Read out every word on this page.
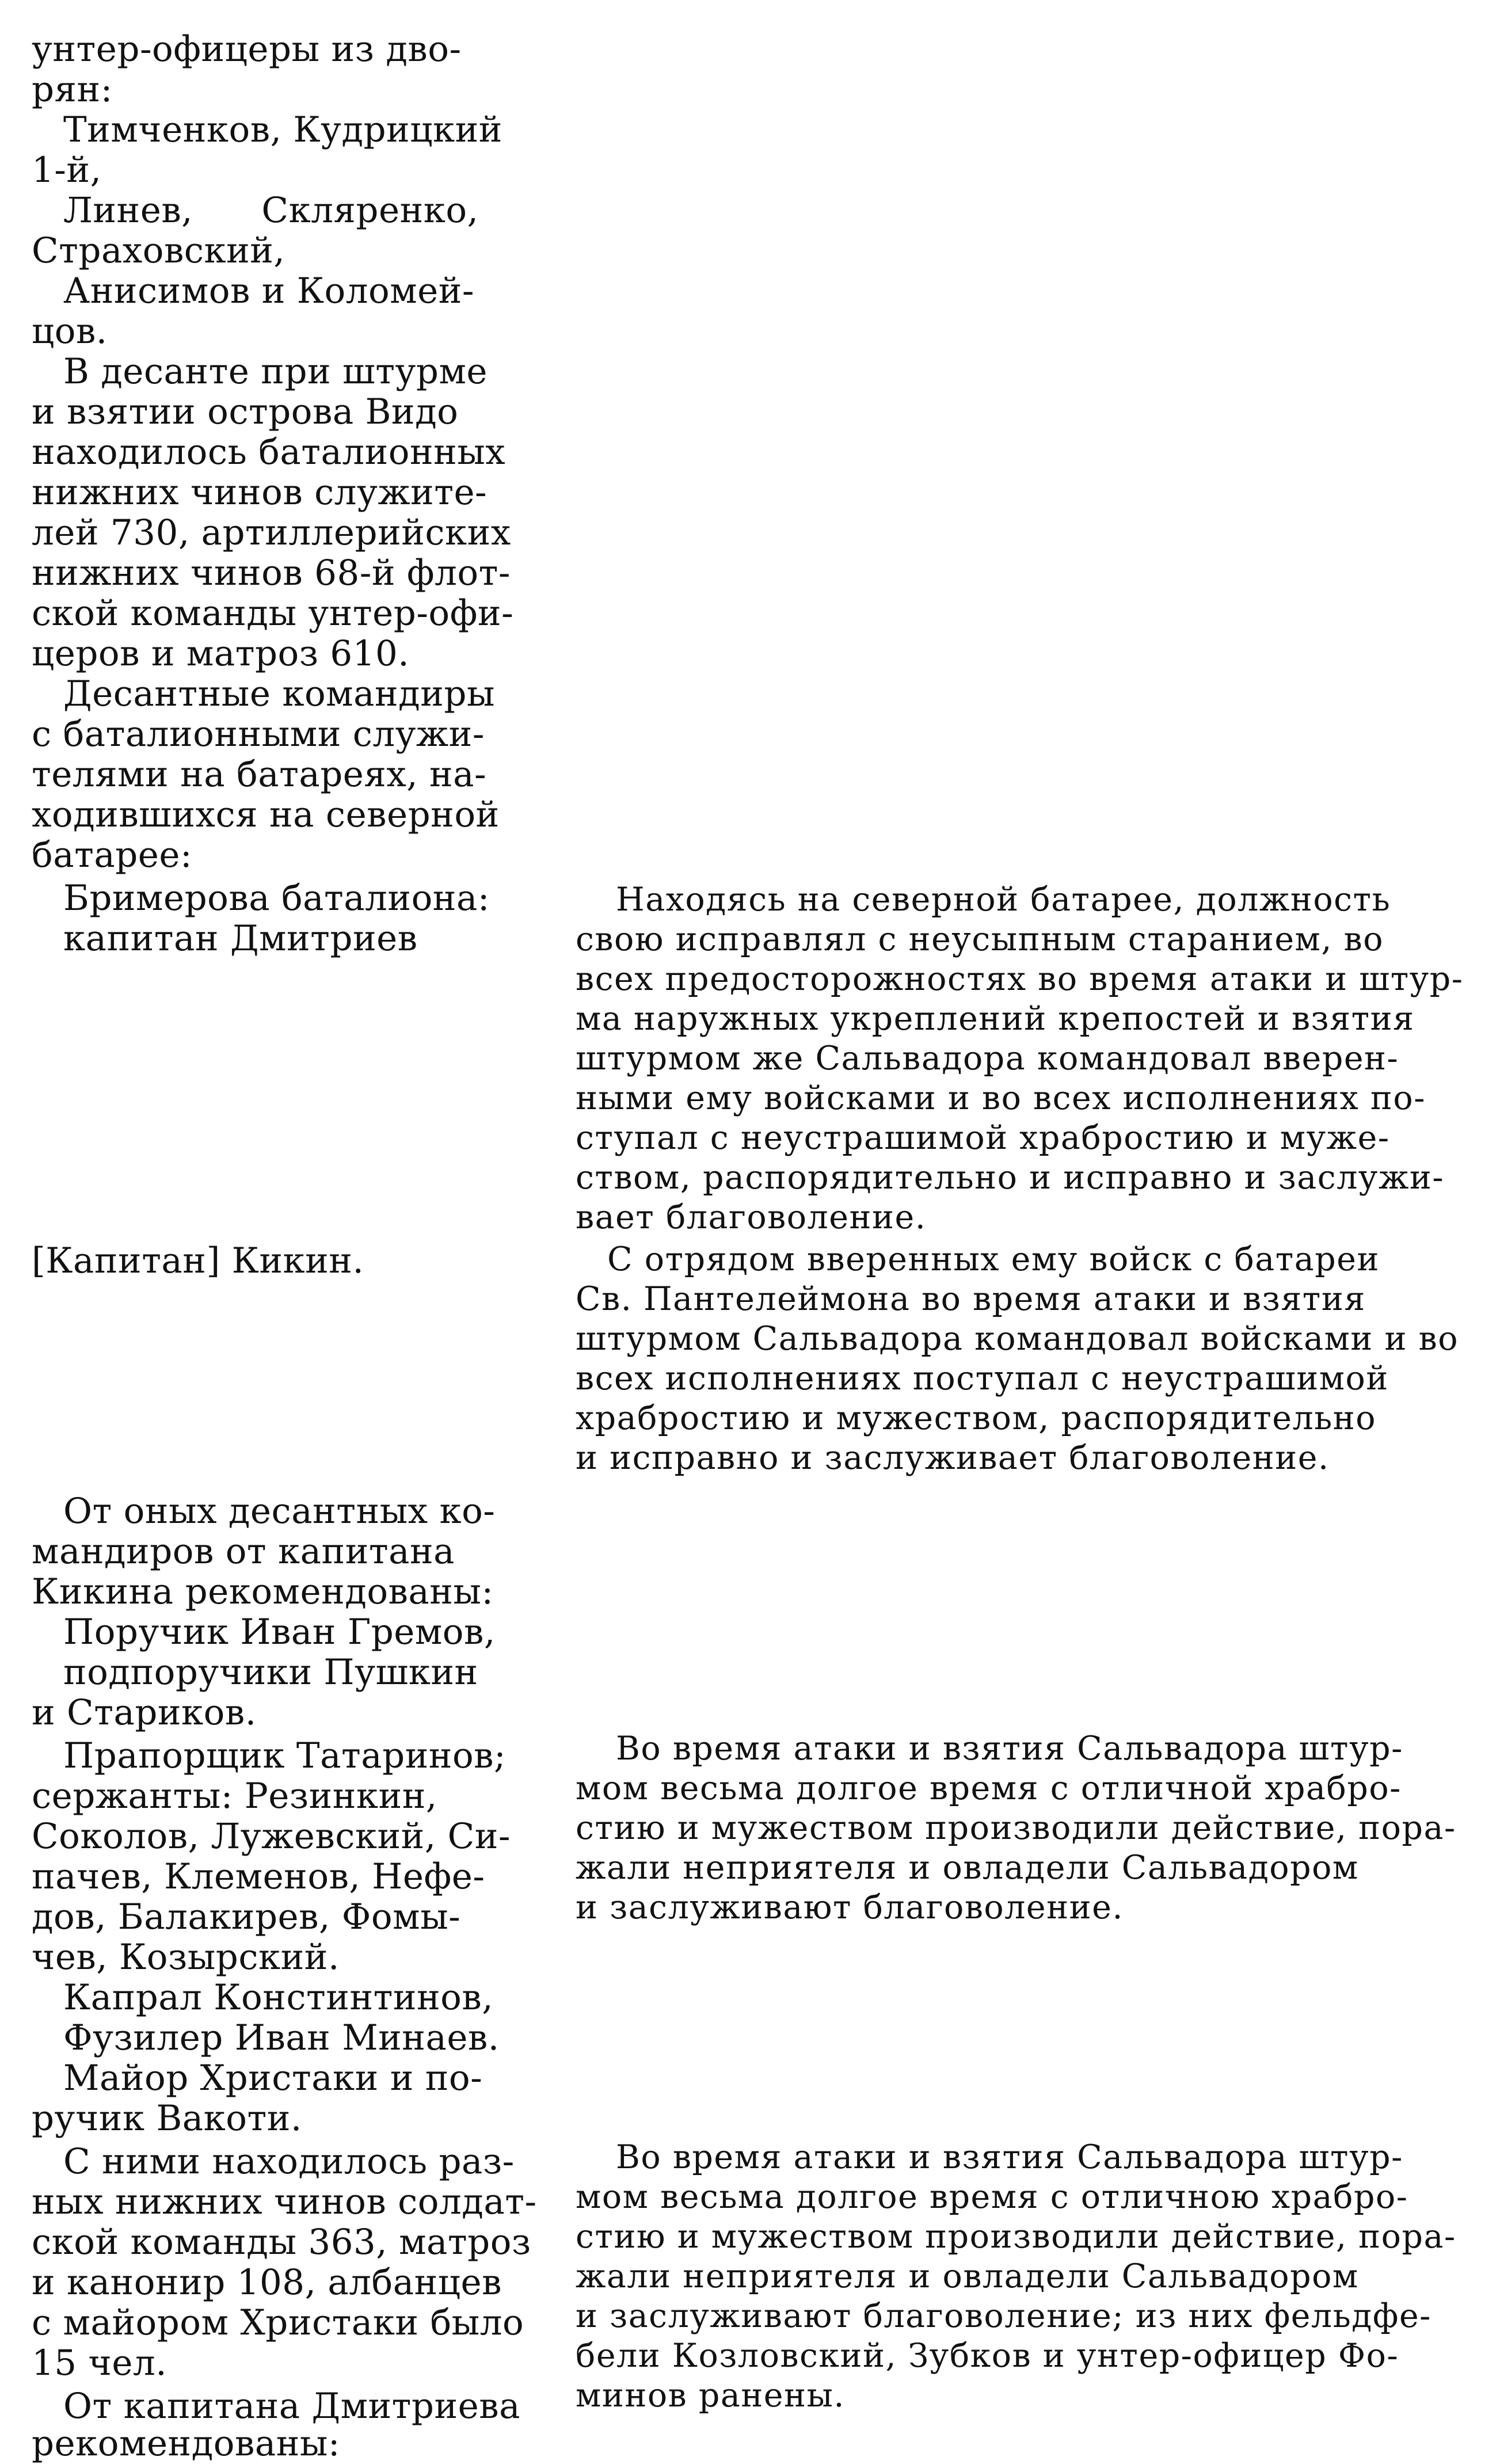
унтер-офицеры из дво-
рян:
Тимченков, Кудрицкий
1-й,
Линев,      Скляренко,
Страховский,
Анисимов и Коломей-
цов.
В десанте при штурме
и взятии острова Видо
находилось баталионных
нижних чинов служите-
лей 730, артиллерийских
нижних чинов 68-й флот-
ской команды унтер-офи-
церов и матроз 610.
Десантные командиры
с баталионными служи-
телями на батареях, на-
ходившихся на северной
батарее:
Бримерова баталиона:
капитан Дмитриев
[Капитан] Кикин.
От оных десантных ко-
мандиров от капитана
Кикина рекомендованы:
Поручик Иван Гремов,
подпоручики Пушкин
и Стариков.
Прапорщик Татаринов;
сержанты: Резинкин,
Соколов, Лужевский, Си-
пачев, Клеменов, Нефе-
дов, Балакирев, Фомы-
чев, Козырский.
Капрал Констинтинов,
Фузилер Иван Минаев.
Майор Христаки и по-
ручик Вакоти.
С ними находилось раз-
ных нижних чинов солдат-
ской команды 363, матроз
и канонир 108, албанцев
с майором Христаки было
15 чел.
От капитана Дмитриева
рекомендованы:
Находясь на северной батарее, должность
свою исправлял с неусыпным старанием, во
всех предосторожностях во время атаки и штур-
ма наружных укреплений крепостей и взятия
штурмом же Сальвадора командовал вверен-
ными ему войсками и во всех исполнениях по-
ступал с неустрашимой храбростию и муже-
ством, распорядительно и исправно и заслужи-
вает благоволение.
С отрядом вверенных ему войск с батареи
Св. Пантелеймона во время атаки и взятия
штурмом Сальвадора командовал войсками и во
всех исполнениях поступал с неустрашимой
храбростию и мужеством, распорядительно
и исправно и заслуживает благоволение.
Во время атаки и взятия Сальвадора штур-
мом весьма долгое время с отличной храбро-
стию и мужеством производили действие, пора-
жали неприятеля и овладели Сальвадором
и заслуживают благоволение.
Во время атаки и взятия Сальвадора штур-
мом весьма долгое время с отличною храбро-
стию и мужеством производили действие, пора-
жали неприятеля и овладели Сальвадором
и заслуживают благоволение; из них фельдфе-
бели Козловский, Зубков и унтер-офицер Фо-
минов ранены.
